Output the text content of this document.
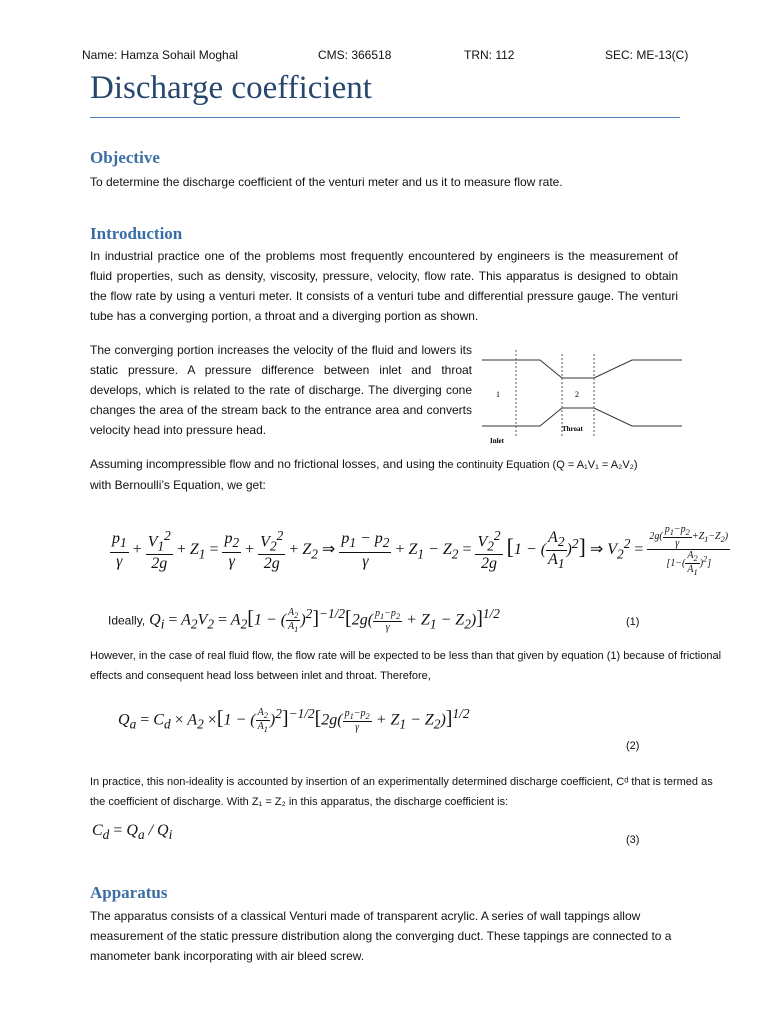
Name: Hamza Sohail Moghal	CMS: 366518	TRN: 112	SEC: ME-13(C)
Discharge coefficient
Objective
To determine the discharge coefficient of the venturi meter and us it to measure flow rate.
Introduction
In industrial practice one of the problems most frequently encountered by engineers is the measurement of fluid properties, such as density, viscosity, pressure, velocity, flow rate. This apparatus is designed to obtain the flow rate by using a venturi meter. It consists of a venturi tube and differential pressure gauge. The venturi tube has a converging portion, a throat and a diverging portion as shown.
The converging portion increases the velocity of the fluid and lowers its static pressure. A pressure difference between inlet and throat develops, which is related to the rate of discharge. The diverging cone changes the area of the stream back to the entrance area and converts velocity head into pressure head.
1	2
Inlet
Throat
Assuming incompressible flow and no frictional losses, and using the continuity Equation (Q = A₁V₁ = A₂V₂)
with Bernoulli’s Equation, we get:
$\frac{p_1}{\gamma} + \frac{V_1^2}{2g} + Z_1 = \frac{p_2}{\gamma} + \frac{V_2^2}{2g} + Z_2$ ⇒ $\frac{p_1 - p_2}{\gamma} + Z_1 - Z_2 = \frac{V_2^2}{2g} [1$ − ( $\frac{A_2}{A_1} )^2$] ⇒ $V_2^2 = \frac{2g( \frac{p_1-p_2}{\gamma} +Z_1-Z_2)}{[1-( \frac{A_2}{A_1} )^2]}$
Ideally, $Q_i = A_2V_2 = A_2[1$ − ( $\frac{A_2}{A_1} )^2]^{-1/2}[2g( \frac{p_1-p_2}{\gamma} + Z_1 - Z_2)]^{1/2}$
(1)
However, in the case of real fluid flow, the flow rate will be expected to be less than that given by equation (1) because of frictional effects and consequent head loss between inlet and throat. Therefore,
$Q_a = C_d \times A_2 \times[1$ − ( $\frac{A_2}{A_1} )^2]^{-1/2}[2g( \frac{p_1-p_2}{\gamma} + Z_1 - Z_2)]^{1/2}$
(2)
In practice, this non-ideality is accounted by insertion of an experimentally determined discharge coefficient, Cᵈ that is termed as the coefficient of discharge. With Z₁ = Z₂ in this apparatus, the discharge coefficient is:
$C_d = Q_a / Q_i$	(3)
Apparatus
The apparatus consists of a classical Venturi made of transparent acrylic. A series of wall tappings allow measurement of the static pressure distribution along the converging duct. These tappings are connected to a manometer bank incorporating with air bleed screw.
